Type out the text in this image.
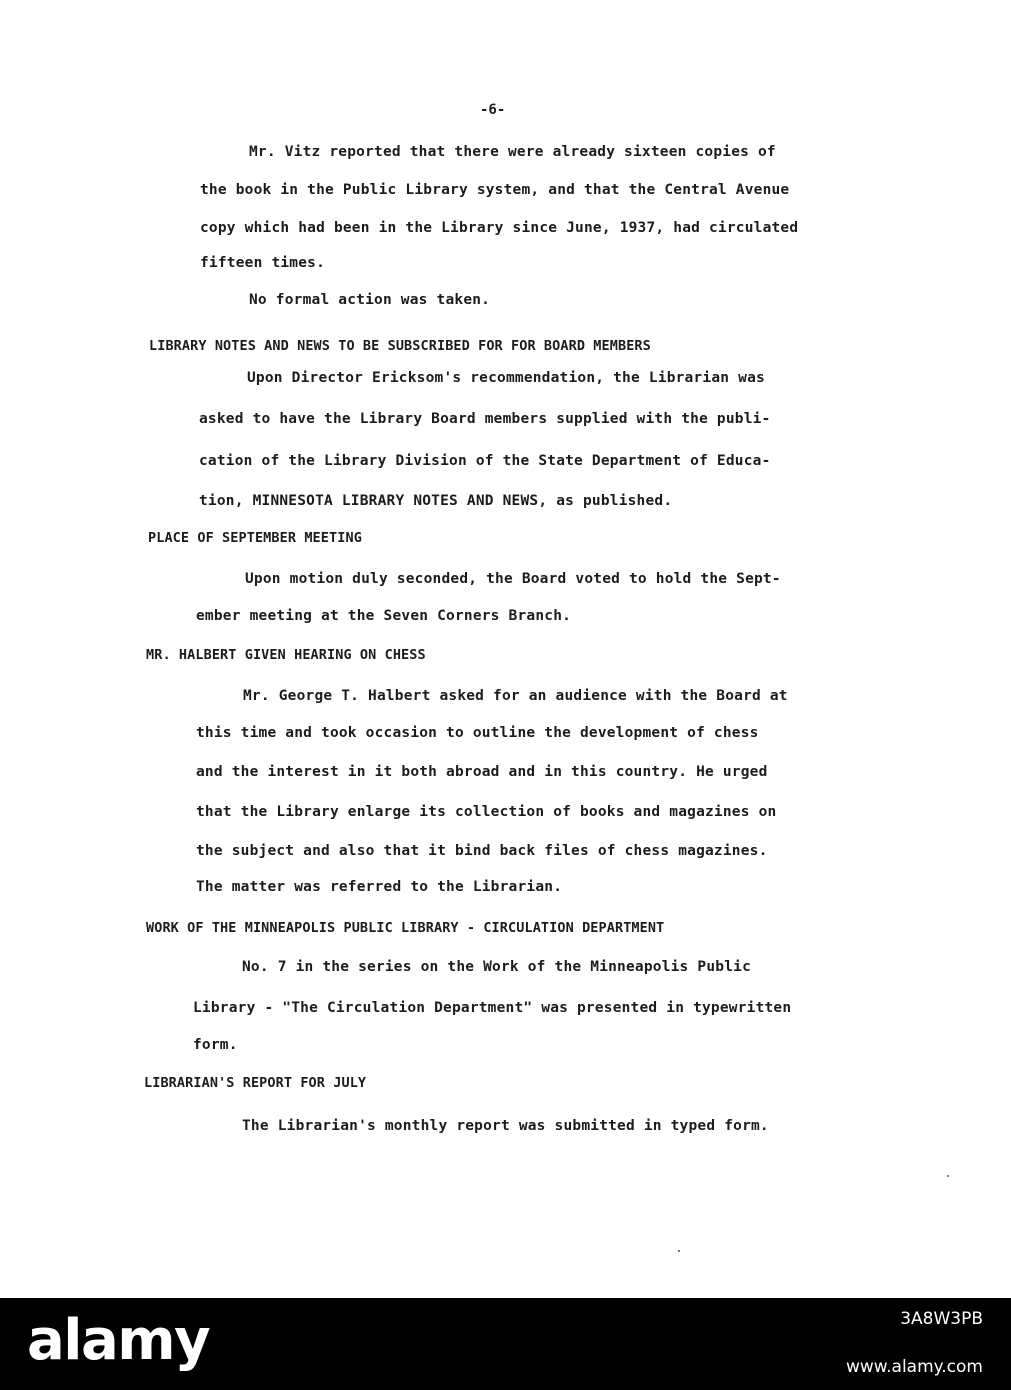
-6-
Mr. Vitz reported that there were already sixteen copies of
the book in the Public Library system, and that the Central Avenue
copy which had been in the Library since June, 1937, had circulated
fifteen times.
No formal action was taken.
LIBRARY NOTES AND NEWS TO BE SUBSCRIBED FOR FOR BOARD MEMBERS
Upon Director Ericksom's recommendation, the Librarian was
asked to have the Library Board members supplied with the publi-
cation of the Library Division of the State Department of Educa-
tion, MINNESOTA LIBRARY NOTES AND NEWS, as published.
PLACE OF SEPTEMBER MEETING
Upon motion duly seconded, the Board voted to hold the Sept-
ember meeting at the Seven Corners Branch.
MR. HALBERT GIVEN HEARING ON CHESS
Mr. George T. Halbert asked for an audience with the Board at
this time and took occasion to outline the development of chess
and the interest in it both abroad and in this country. He urged
that the Library enlarge its collection of books and magazines on
the subject and also that it bind back files of chess magazines.
The matter was referred to the Librarian.
WORK OF THE MINNEAPOLIS PUBLIC LIBRARY - CIRCULATION DEPARTMENT
No. 7 in the series on the Work of the Minneapolis Public
Library - "The Circulation Department" was presented in typewritten
form.
LIBRARIAN'S REPORT FOR JULY
The Librarian's monthly report was submitted in typed form.
alamy	3A8W3PB
www.alamy.com
